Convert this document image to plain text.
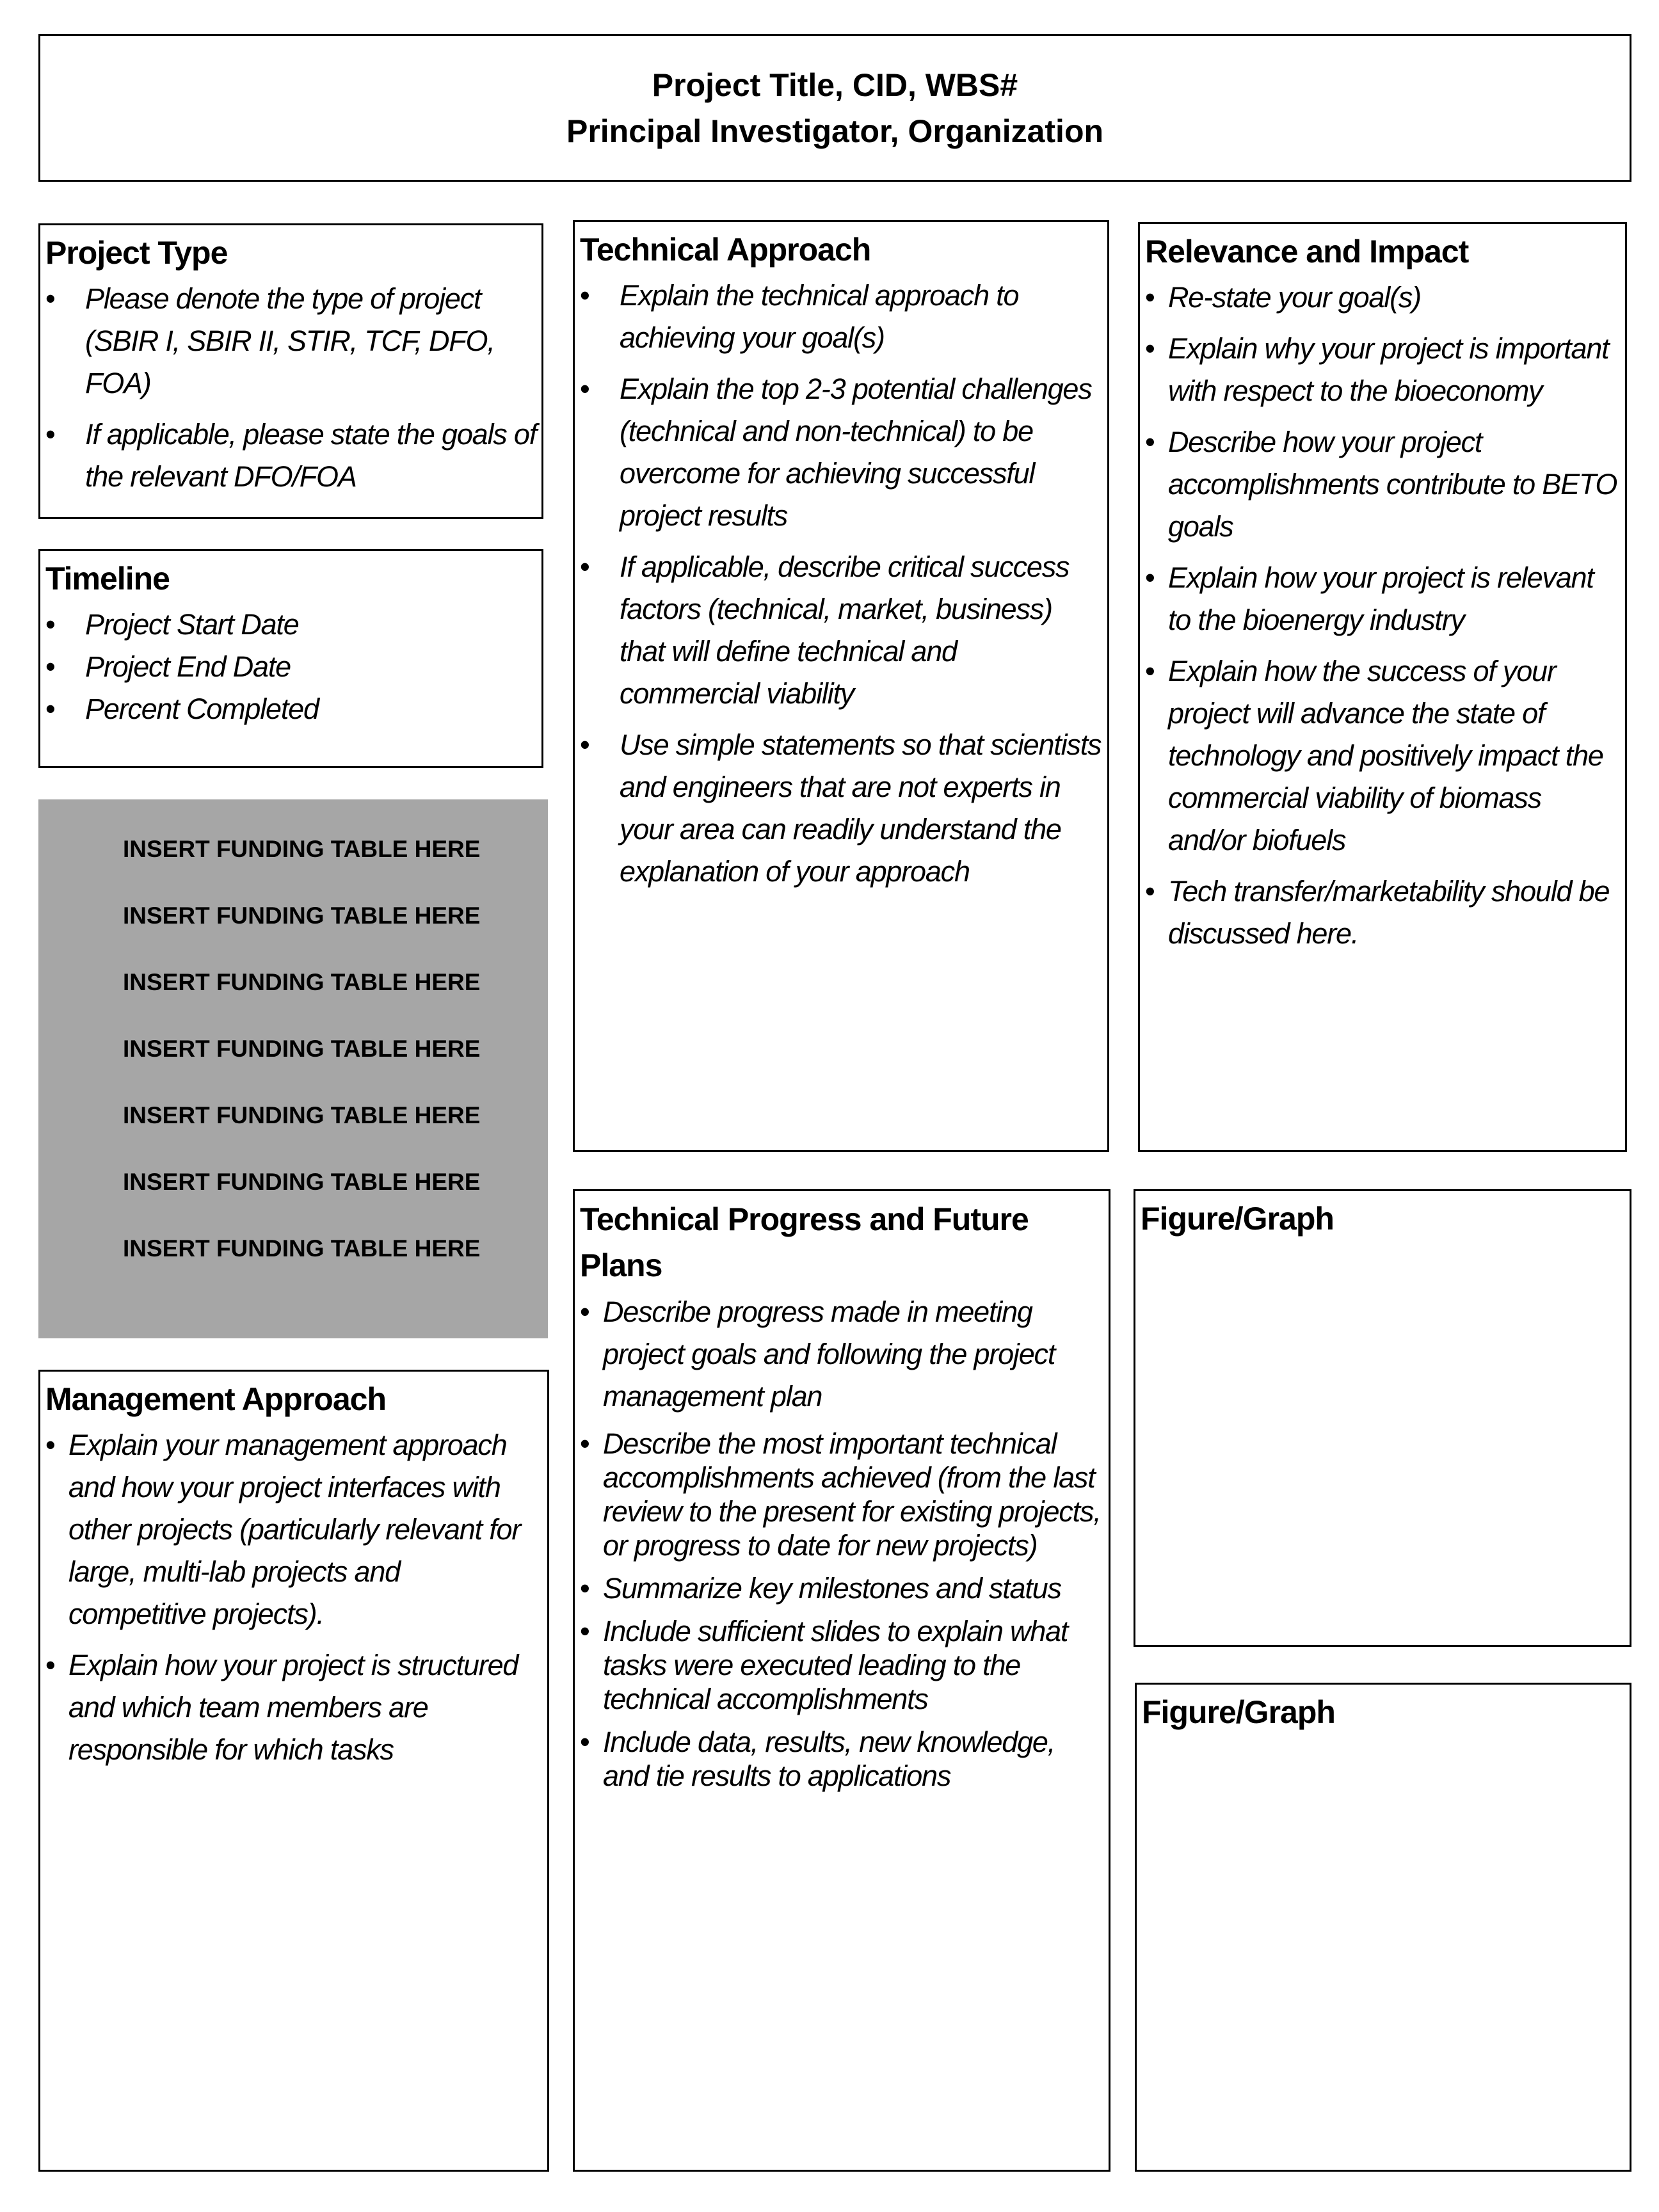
Project Title, CID, WBS#
Principal Investigator, Organization
Project Type
• Please denote the type of project (SBIR I, SBIR II, STIR, TCF, DFO, FOA)
• If applicable, please state the goals of the relevant DFO/FOA
Timeline
• Project Start Date
• Project End Date
• Percent Completed
INSERT FUNDING TABLE HERE
INSERT FUNDING TABLE HERE
INSERT FUNDING TABLE HERE
INSERT FUNDING TABLE HERE
INSERT FUNDING TABLE HERE
INSERT FUNDING TABLE HERE
INSERT FUNDING TABLE HERE
Management Approach
• Explain your management approach and how your project interfaces with other projects (particularly relevant for large, multi-lab projects and competitive projects).
• Explain how your project is structured and which team members are responsible for which tasks
Technical Approach
• Explain the technical approach to achieving your goal(s)
• Explain the top 2-3 potential challenges (technical and non-technical) to be overcome for achieving successful project results
• If applicable, describe critical success factors (technical, market, business) that will define technical and commercial viability
• Use simple statements so that scientists and engineers that are not experts in your area can readily understand the explanation of your approach
Technical Progress and Future Plans
• Describe progress made in meeting project goals and following the project management plan
• Describe the most important technical accomplishments achieved (from the last review to the present for existing projects, or progress to date for new projects)
• Summarize key milestones and status
• Include sufficient slides to explain what tasks were executed leading to the technical accomplishments
• Include data, results, new knowledge, and tie results to applications
Relevance and Impact
• Re-state your goal(s)
• Explain why your project is important with respect to the bioeconomy
• Describe how your project accomplishments contribute to BETO goals
• Explain how your project is relevant to the bioenergy industry
• Explain how the success of your project will advance the state of technology and positively impact the commercial viability of biomass and/or biofuels
• Tech transfer/marketability should be discussed here.
Figure/Graph
Figure/Graph
